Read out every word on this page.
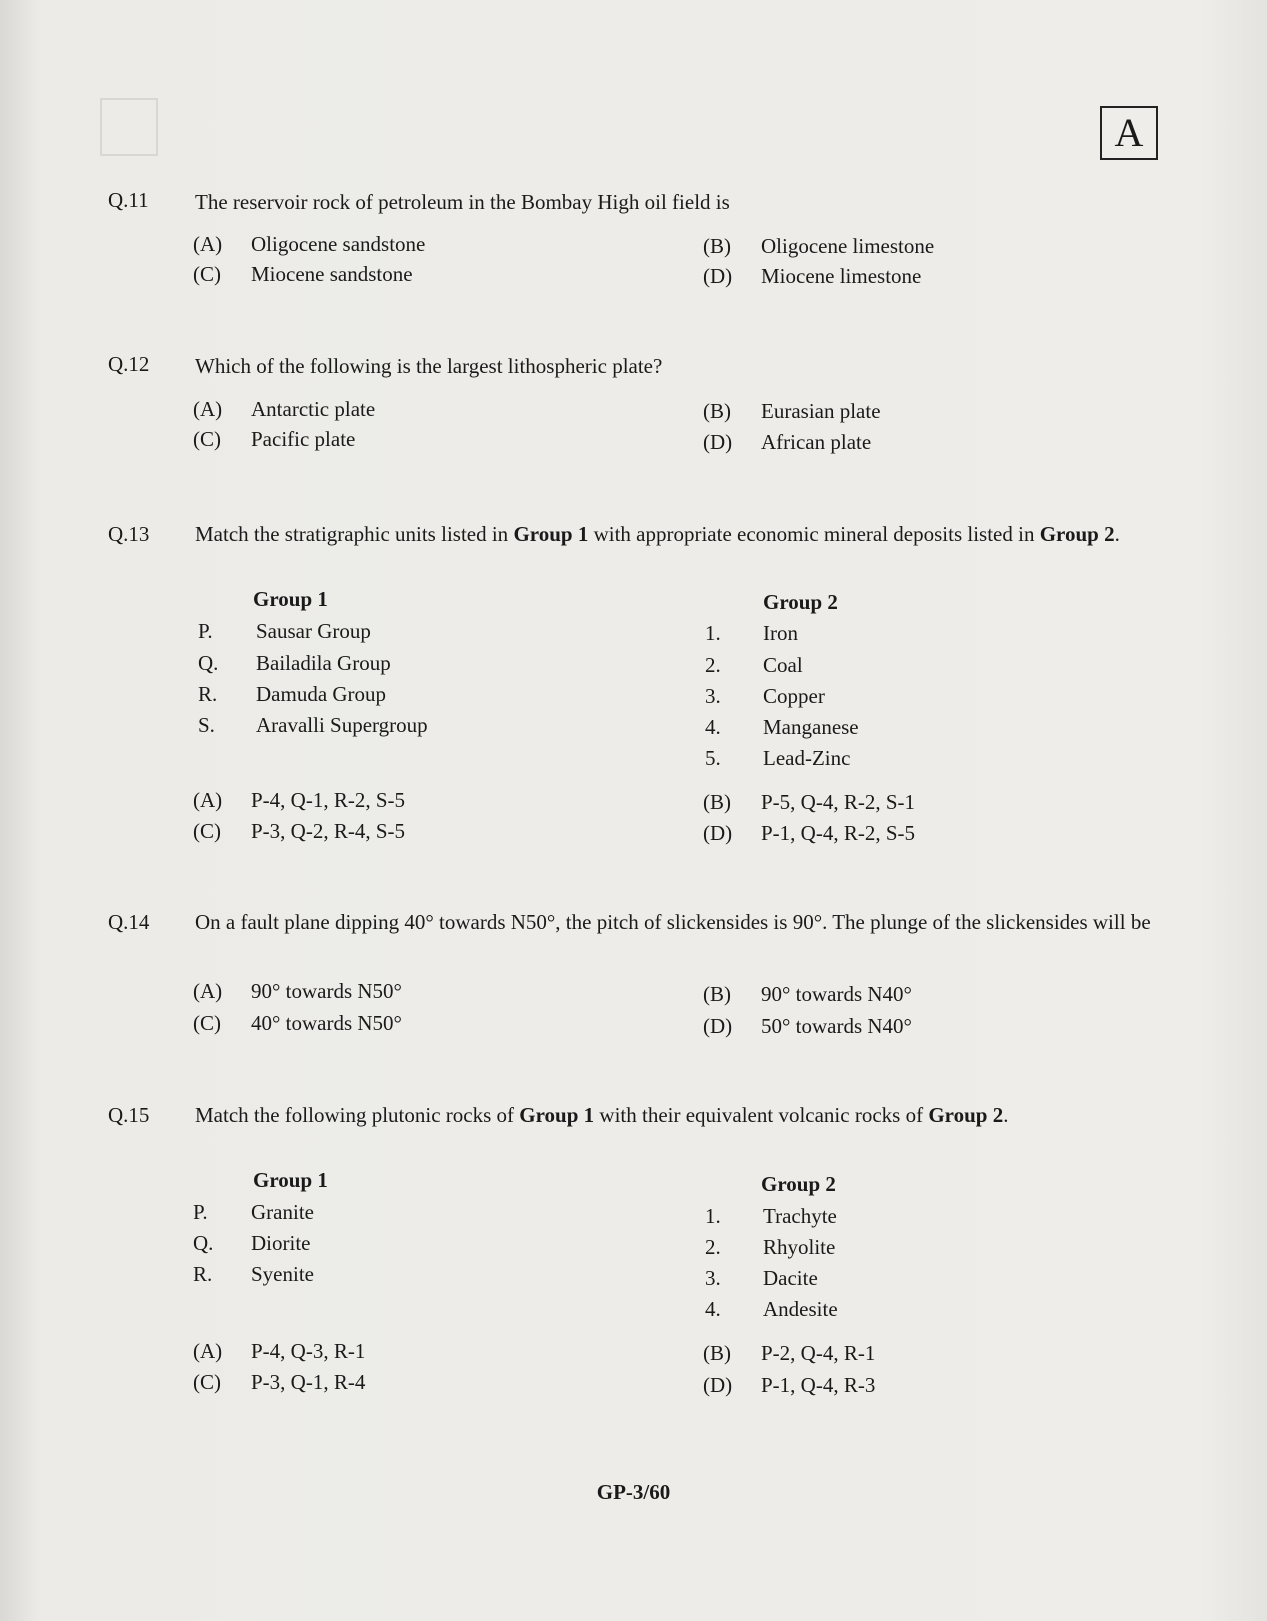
A
Q.11 The reservoir rock of petroleum in the Bombay High oil field is
(A) Oligocene sandstone	(B) Oligocene limestone
(C) Miocene sandstone	(D) Miocene limestone
Q.12 Which of the following is the largest lithospheric plate?
(A) Antarctic plate	(B) Eurasian plate
(C) Pacific plate	(D) African plate
Q.13 Match the stratigraphic units listed in Group 1 with appropriate economic mineral deposits listed in Group 2.
Group 1	Group 2
P. Sausar Group
Q. Bailadila Group
R. Damuda Group
S. Aravalli Supergroup
1. Iron
2. Coal
3. Copper
4. Manganese
5. Lead-Zinc
(A) P-4, Q-1, R-2, S-5	(B) P-5, Q-4, R-2, S-1
(C) P-3, Q-2, R-4, S-5	(D) P-1, Q-4, R-2, S-5
Q.14 On a fault plane dipping 40° towards N50°, the pitch of slickensides is 90°. The plunge of the slickensides will be
(A) 90° towards N50°	(B) 90° towards N40°
(C) 40° towards N50°	(D) 50° towards N40°
Q.15 Match the following plutonic rocks of Group 1 with their equivalent volcanic rocks of Group 2.
Group 1	Group 2
P. Granite
Q. Diorite
R. Syenite
1. Trachyte
2. Rhyolite
3. Dacite
4. Andesite
(A) P-4, Q-3, R-1	(B) P-2, Q-4, R-1
(C) P-3, Q-1, R-4	(D) P-1, Q-4, R-3
GP-3/60
